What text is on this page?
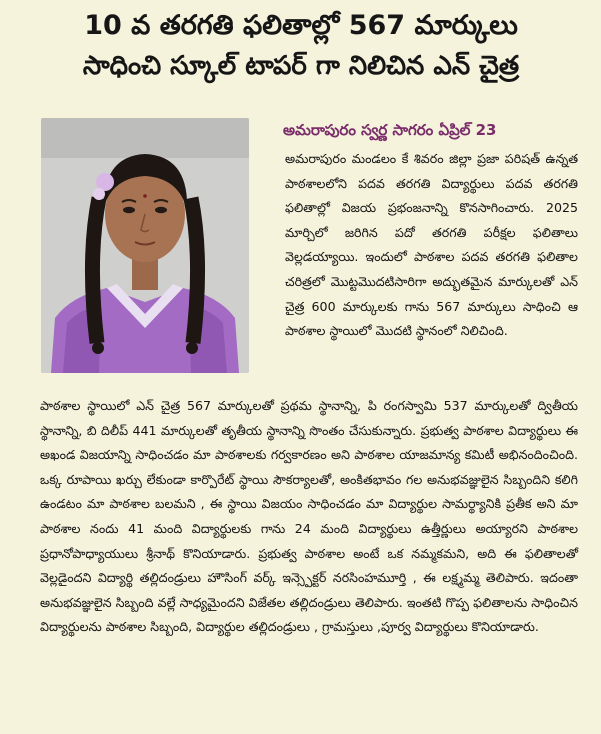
10 వ తరగతి ఫలితాల్లో 567 మార్కులు
సాధించి స్కూల్ టాపర్ గా నిలిచిన ఎన్ చైత్ర
అమరాపురం స్వర్ణ సాగరం ఏప్రిల్ 23

అమరాపురం మండలం కే శివరం జిల్లా ప్రజా పరిషత్ ఉన్నత పాఠశాలలోని పదవ తరగతి విద్యార్థులు పదవ తరగతి ఫలితాల్లో విజయ ప్రభంజనాన్ని కొనసాగించారు. 2025 మార్చిలో జరిగిన పదో తరగతి పరీక్షల ఫలితాలు వెల్లడయ్యాయి. ఇందులో పాఠశాల పదవ తరగతి ఫలితాల చరిత్రలో మొట్టమొదటిసారిగా అద్భుతమైన మార్కులతో ఎన్ చైత్ర 600 మార్కులకు గాను 567 మార్కులు సాధించి ఆ పాఠశాల స్థాయిలో మొదటి స్థానంలో నిలిచింది.

పాఠశాల స్థాయిలో ఎన్ చైత్ర 567 మార్కులతో ప్రథమ స్థానాన్ని, పి రంగస్వామి 537 మార్కులతో ద్వితీయ స్థానాన్ని, బి దిలీప్ 441 మార్కులతో తృతీయ స్థానాన్ని సొంతం చేసుకున్నారు. ప్రభుత్వ పాఠశాల విద్యార్థులు ఈ అఖండ విజయాన్ని సాధించడం మా పాఠశాలకు గర్వకారణం అని పాఠశాల యాజమాన్య కమిటీ అభినందించింది. ఒక్క రూపాయి ఖర్చు లేకుండా కార్పొరేట్ స్థాయి సౌకర్యాలతో, అంకితభావం గల అనుభవజ్ఞులైన సిబ్బందిని కలిగి ఉండటం మా పాఠశాల బలమని , ఈ స్థాయి విజయం సాధించడం మా విద్యార్థుల సామర్థ్యానికి ప్రతీక అని మా పాఠశాల నందు 41 మంది విద్యార్థులకు గాను 24 మంది విద్యార్థులు ఉత్తీర్ణులు అయ్యారని పాఠశాల ప్రధానోపాధ్యాయులు శ్రీనాథ్ కొనియాడారు. ప్రభుత్వ పాఠశాల అంటే ఒక నమ్మకమని, అది ఈ ఫలితాలతో వెల్లడైందని విద్యార్థి తల్లిదండ్రులు హౌసింగ్ వర్క్ ఇన్స్పెక్టర్ నరసింహమూర్తి , ఈ లక్ష్మమ్మ తెలిపారు. ఇదంతా అనుభవజ్ఞులైన సిబ్బంది వల్లే సాధ్యమైందని విజేతల తల్లిదండ్రులు తెలిపారు. ఇంతటి గొప్ప ఫలితాలను సాధించిన విద్యార్థులను పాఠశాల సిబ్బంది, విద్యార్థుల తల్లిదండ్రులు , గ్రామస్తులు ,పూర్వ విద్యార్థులు కొనియాడారు.
